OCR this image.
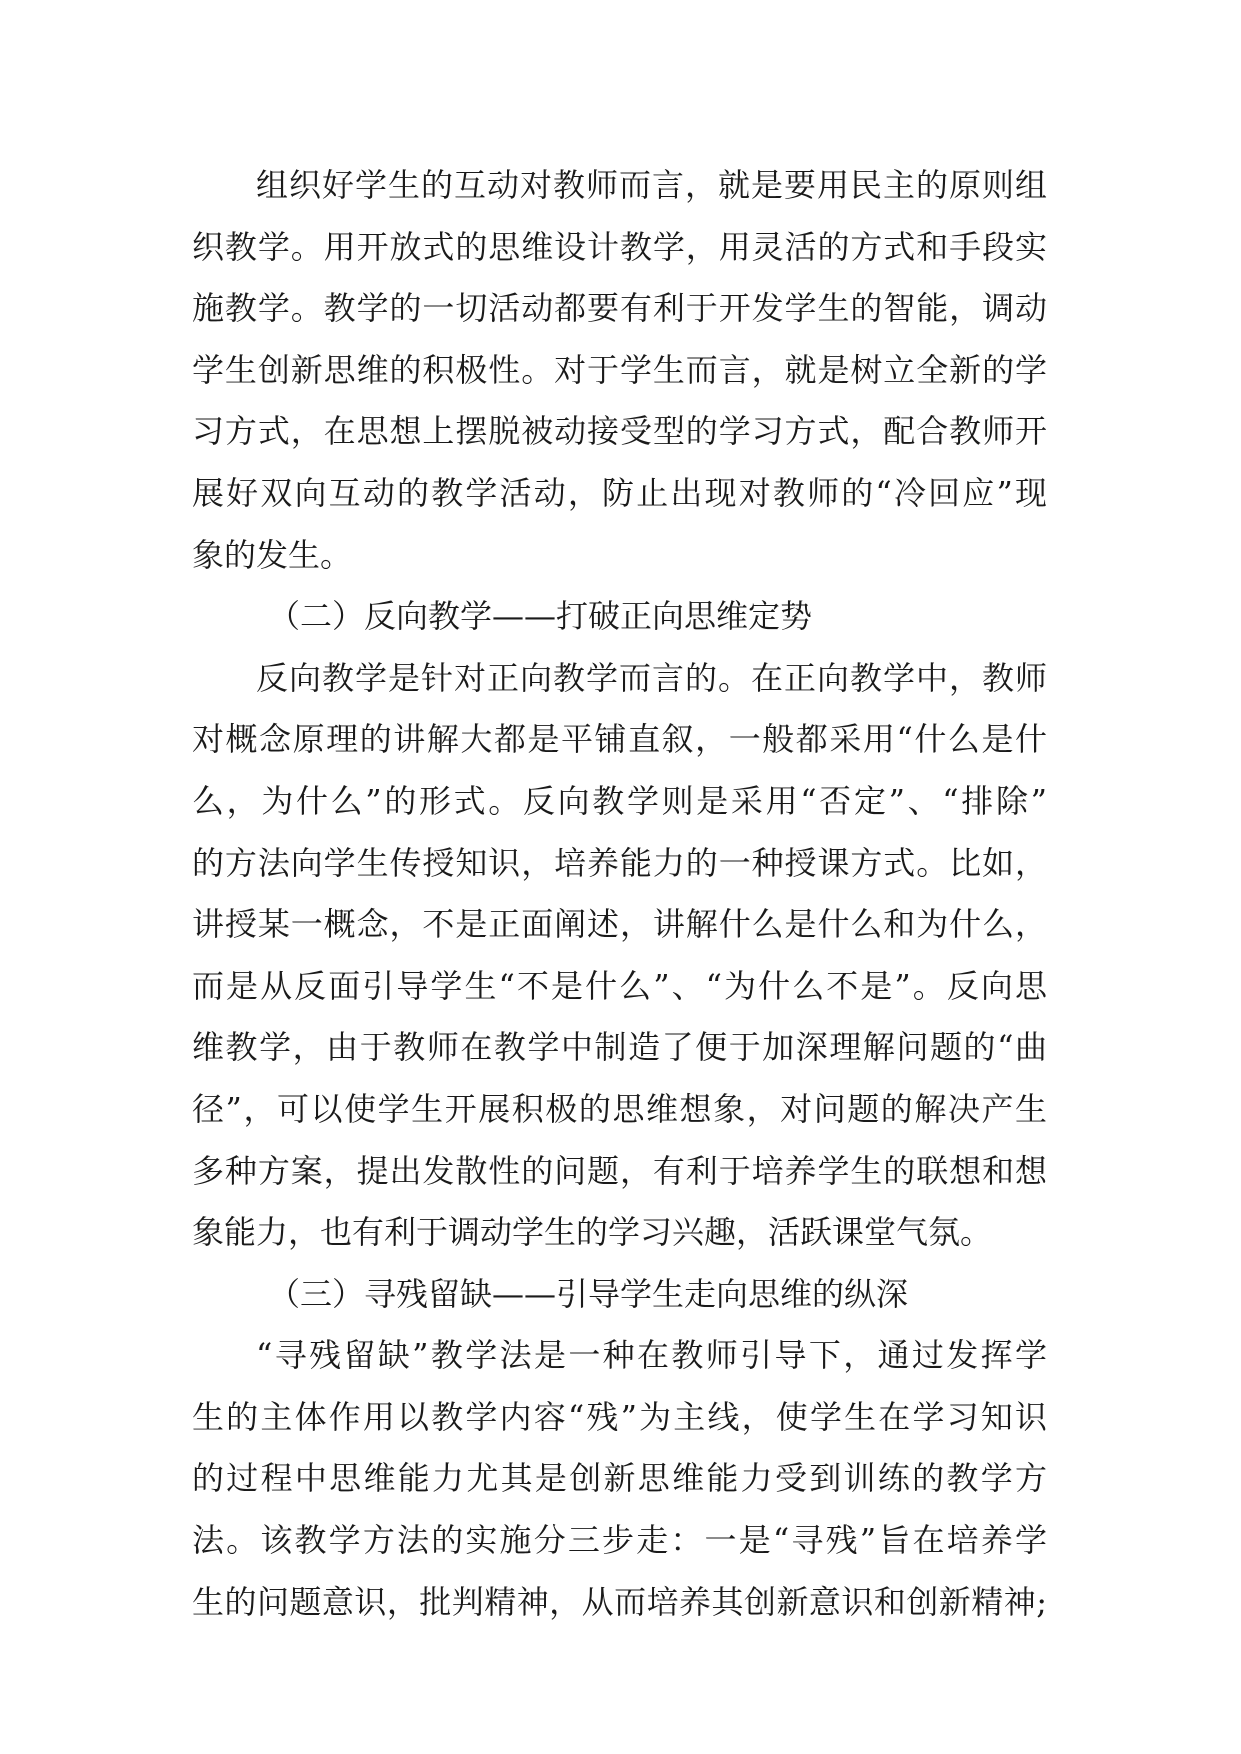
组织好学生的互动对教师而言，就是要用民主的原则组
织教学。用开放式的思维设计教学，用灵活的方式和手段实
施教学。教学的一切活动都要有利于开发学生的智能，调动
学生创新思维的积极性。对于学生而言，就是树立全新的学
习方式，在思想上摆脱被动接受型的学习方式，配合教师开
展好双向互动的教学活动，防止出现对教师的“冷回应”现
象的发生。
（二）反向教学——打破正向思维定势
反向教学是针对正向教学而言的。在正向教学中，教师
对概念原理的讲解大都是平铺直叙，一般都采用“什么是什
么，为什么”的形式。反向教学则是采用“否定”、“排除”
的方法向学生传授知识，培养能力的一种授课方式。比如，
讲授某一概念，不是正面阐述，讲解什么是什么和为什么，
而是从反面引导学生“不是什么”、“为什么不是”。反向思
维教学，由于教师在教学中制造了便于加深理解问题的“曲
径”，可以使学生开展积极的思维想象，对问题的解决产生
多种方案，提出发散性的问题，有利于培养学生的联想和想
象能力，也有利于调动学生的学习兴趣，活跃课堂气氛。
（三）寻残留缺——引导学生走向思维的纵深
“寻残留缺”教学法是一种在教师引导下，通过发挥学
生的主体作用以教学内容“残”为主线，使学生在学习知识
的过程中思维能力尤其是创新思维能力受到训练的教学方
法。该教学方法的实施分三步走：一是“寻残”旨在培养学
生的问题意识，批判精神，从而培养其创新意识和创新精神;
